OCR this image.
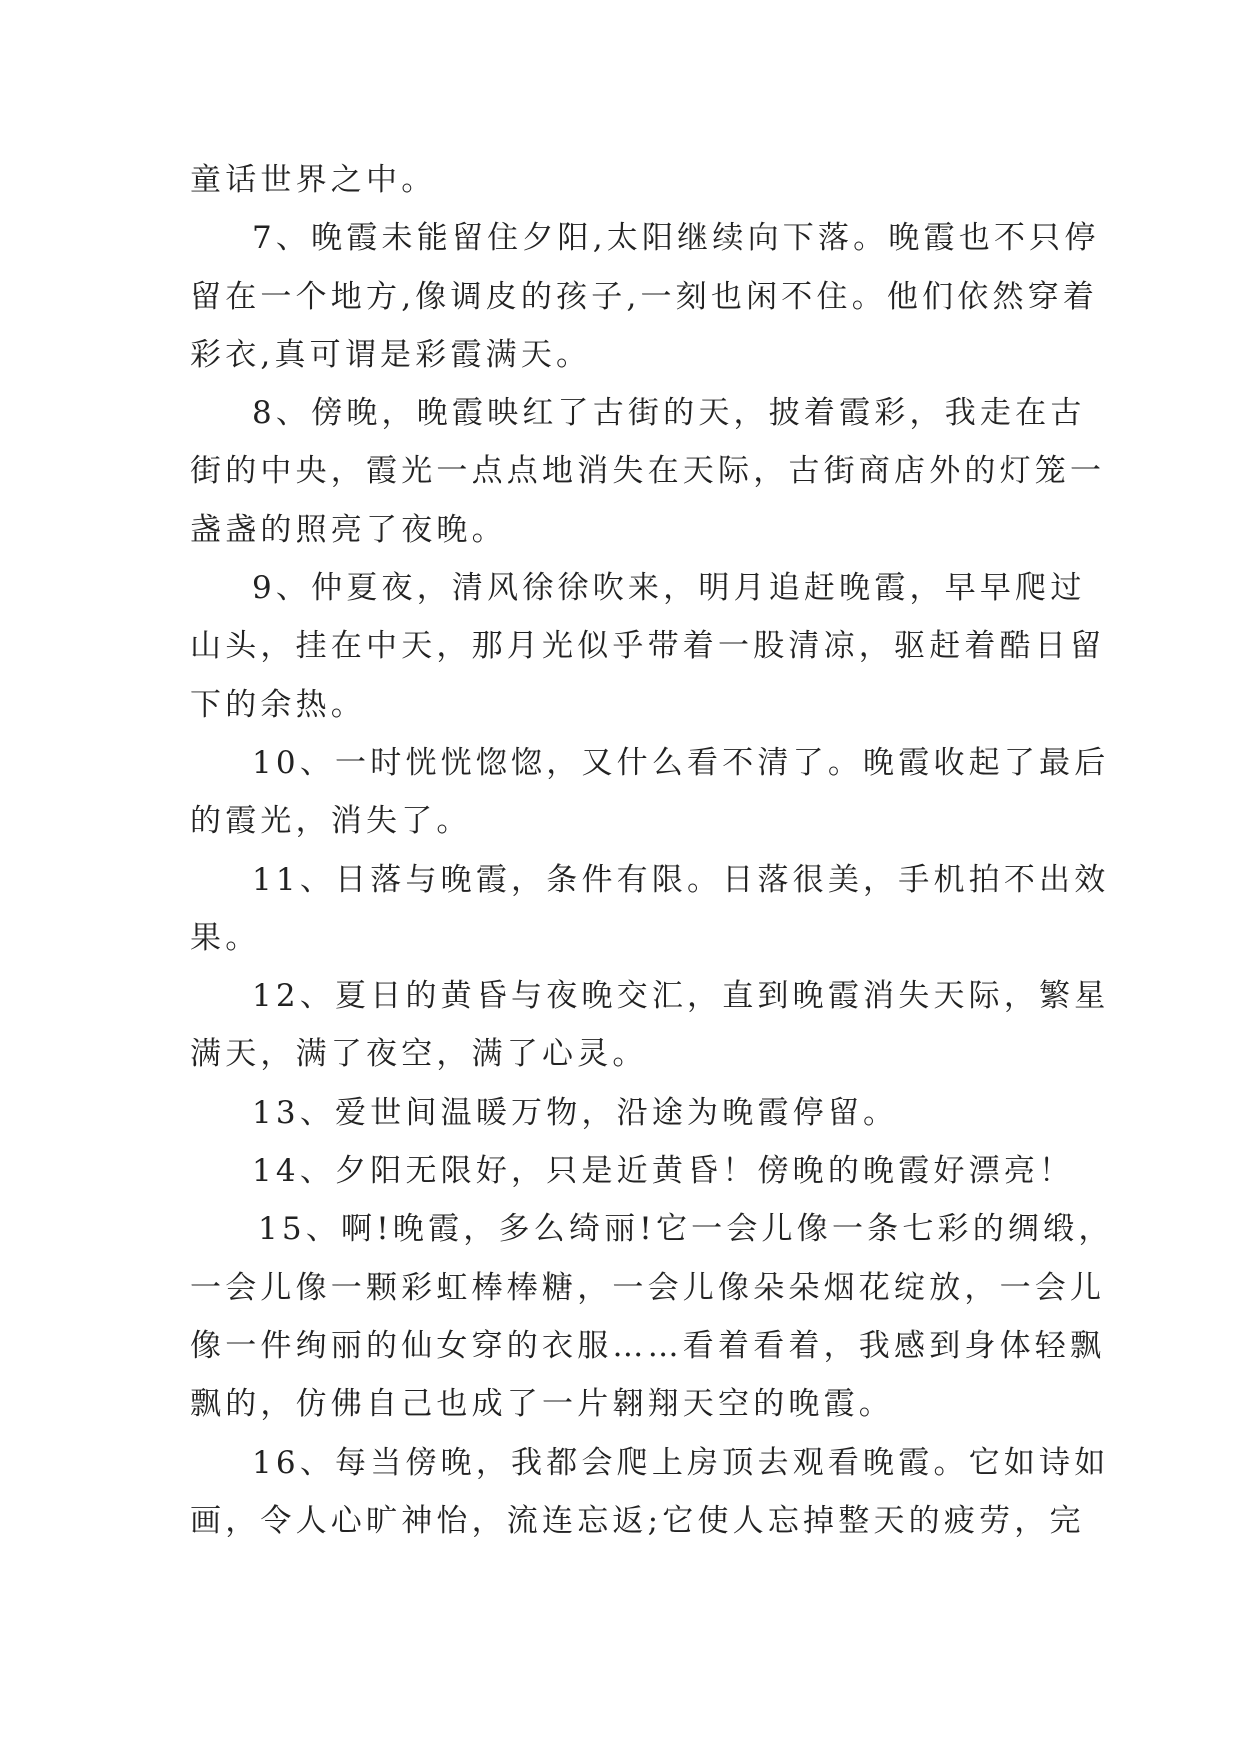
童话世界之中。
7、晚霞未能留住夕阳,太阳继续向下落。晚霞也不只停
留在一个地方,像调皮的孩子,一刻也闲不住。他们依然穿着
彩衣,真可谓是彩霞满天。
8、傍晚，晚霞映红了古街的天，披着霞彩，我走在古
街的中央，霞光一点点地消失在天际，古街商店外的灯笼一
盏盏的照亮了夜晚。
9、仲夏夜，清风徐徐吹来，明月追赶晚霞，早早爬过
山头，挂在中天，那月光似乎带着一股清凉，驱赶着酷日留
下的余热。
10、一时恍恍惚惚，又什么看不清了。晚霞收起了最后
的霞光，消失了。
11、日落与晚霞，条件有限。日落很美，手机拍不出效
果。
12、夏日的黄昏与夜晚交汇，直到晚霞消失天际，繁星
满天，满了夜空，满了心灵。
13、爱世间温暖万物，沿途为晚霞停留。
14、夕阳无限好，只是近黄昏！傍晚的晚霞好漂亮！
15、啊!晚霞，多么绮丽!它一会儿像一条七彩的绸缎，
一会儿像一颗彩虹棒棒糖，一会儿像朵朵烟花绽放，一会儿
像一件绚丽的仙女穿的衣服……看着看着，我感到身体轻飘
飘的，仿佛自己也成了一片翱翔天空的晚霞。
16、每当傍晚，我都会爬上房顶去观看晚霞。它如诗如
画，令人心旷神怡，流连忘返;它使人忘掉整天的疲劳，完
